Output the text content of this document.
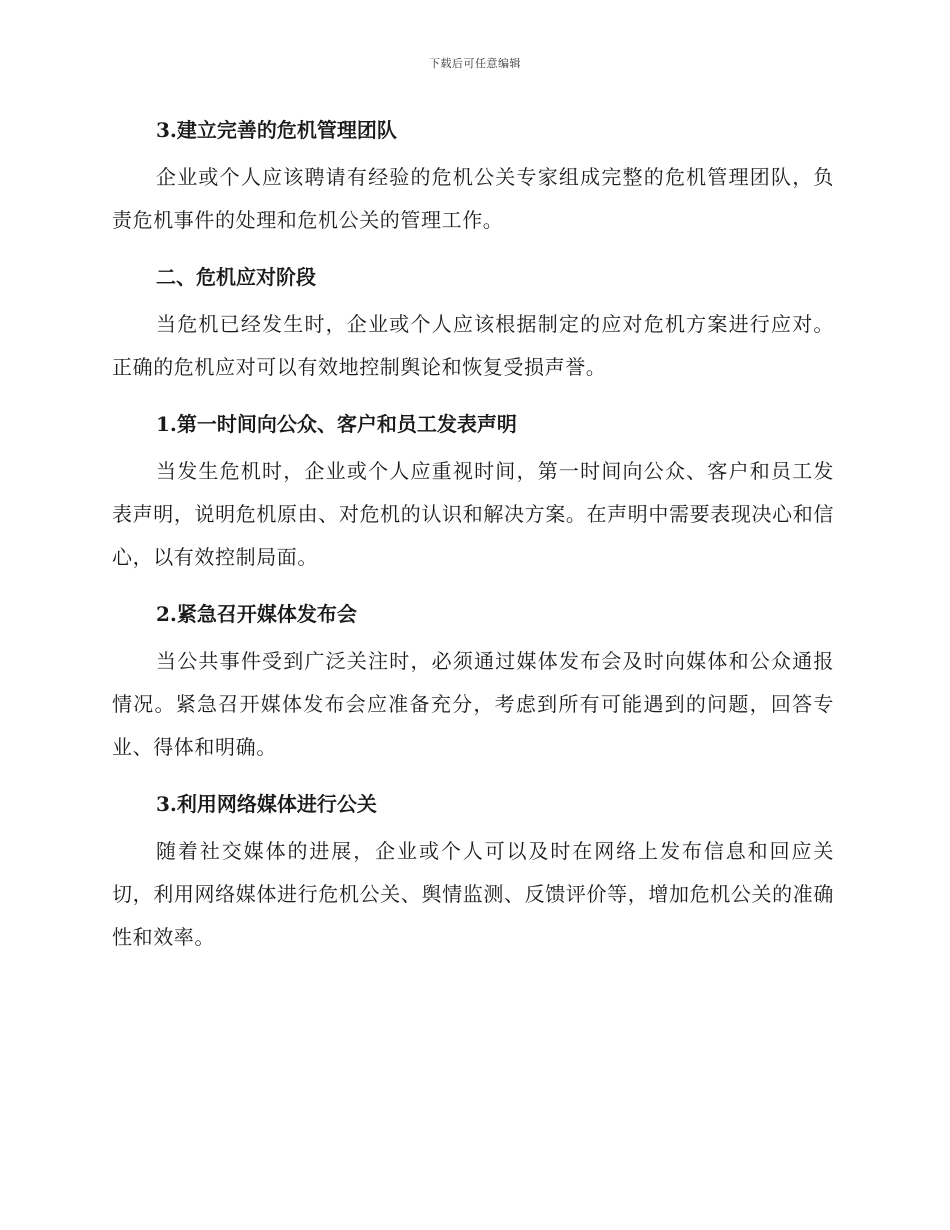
下载后可任意编辑
3.建立完善的危机管理团队

企业或个人应该聘请有经验的危机公关专家组成完整的危机管理团队，负责危机事件的处理和危机公关的管理工作。

二、危机应对阶段

当危机已经发生时，企业或个人应该根据制定的应对危机方案进行应对。正确的危机应对可以有效地控制舆论和恢复受损声誉。

1.第一时间向公众、客户和员工发表声明

当发生危机时，企业或个人应重视时间，第一时间向公众、客户和员工发表声明，说明危机原由、对危机的认识和解决方案。在声明中需要表现决心和信心，以有效控制局面。

2.紧急召开媒体发布会

当公共事件受到广泛关注时，必须通过媒体发布会及时向媒体和公众通报情况。紧急召开媒体发布会应准备充分，考虑到所有可能遇到的问题，回答专业、得体和明确。

3.利用网络媒体进行公关

随着社交媒体的进展，企业或个人可以及时在网络上发布信息和回应关切，利用网络媒体进行危机公关、舆情监测、反馈评价等，增加危机公关的准确性和效率。
